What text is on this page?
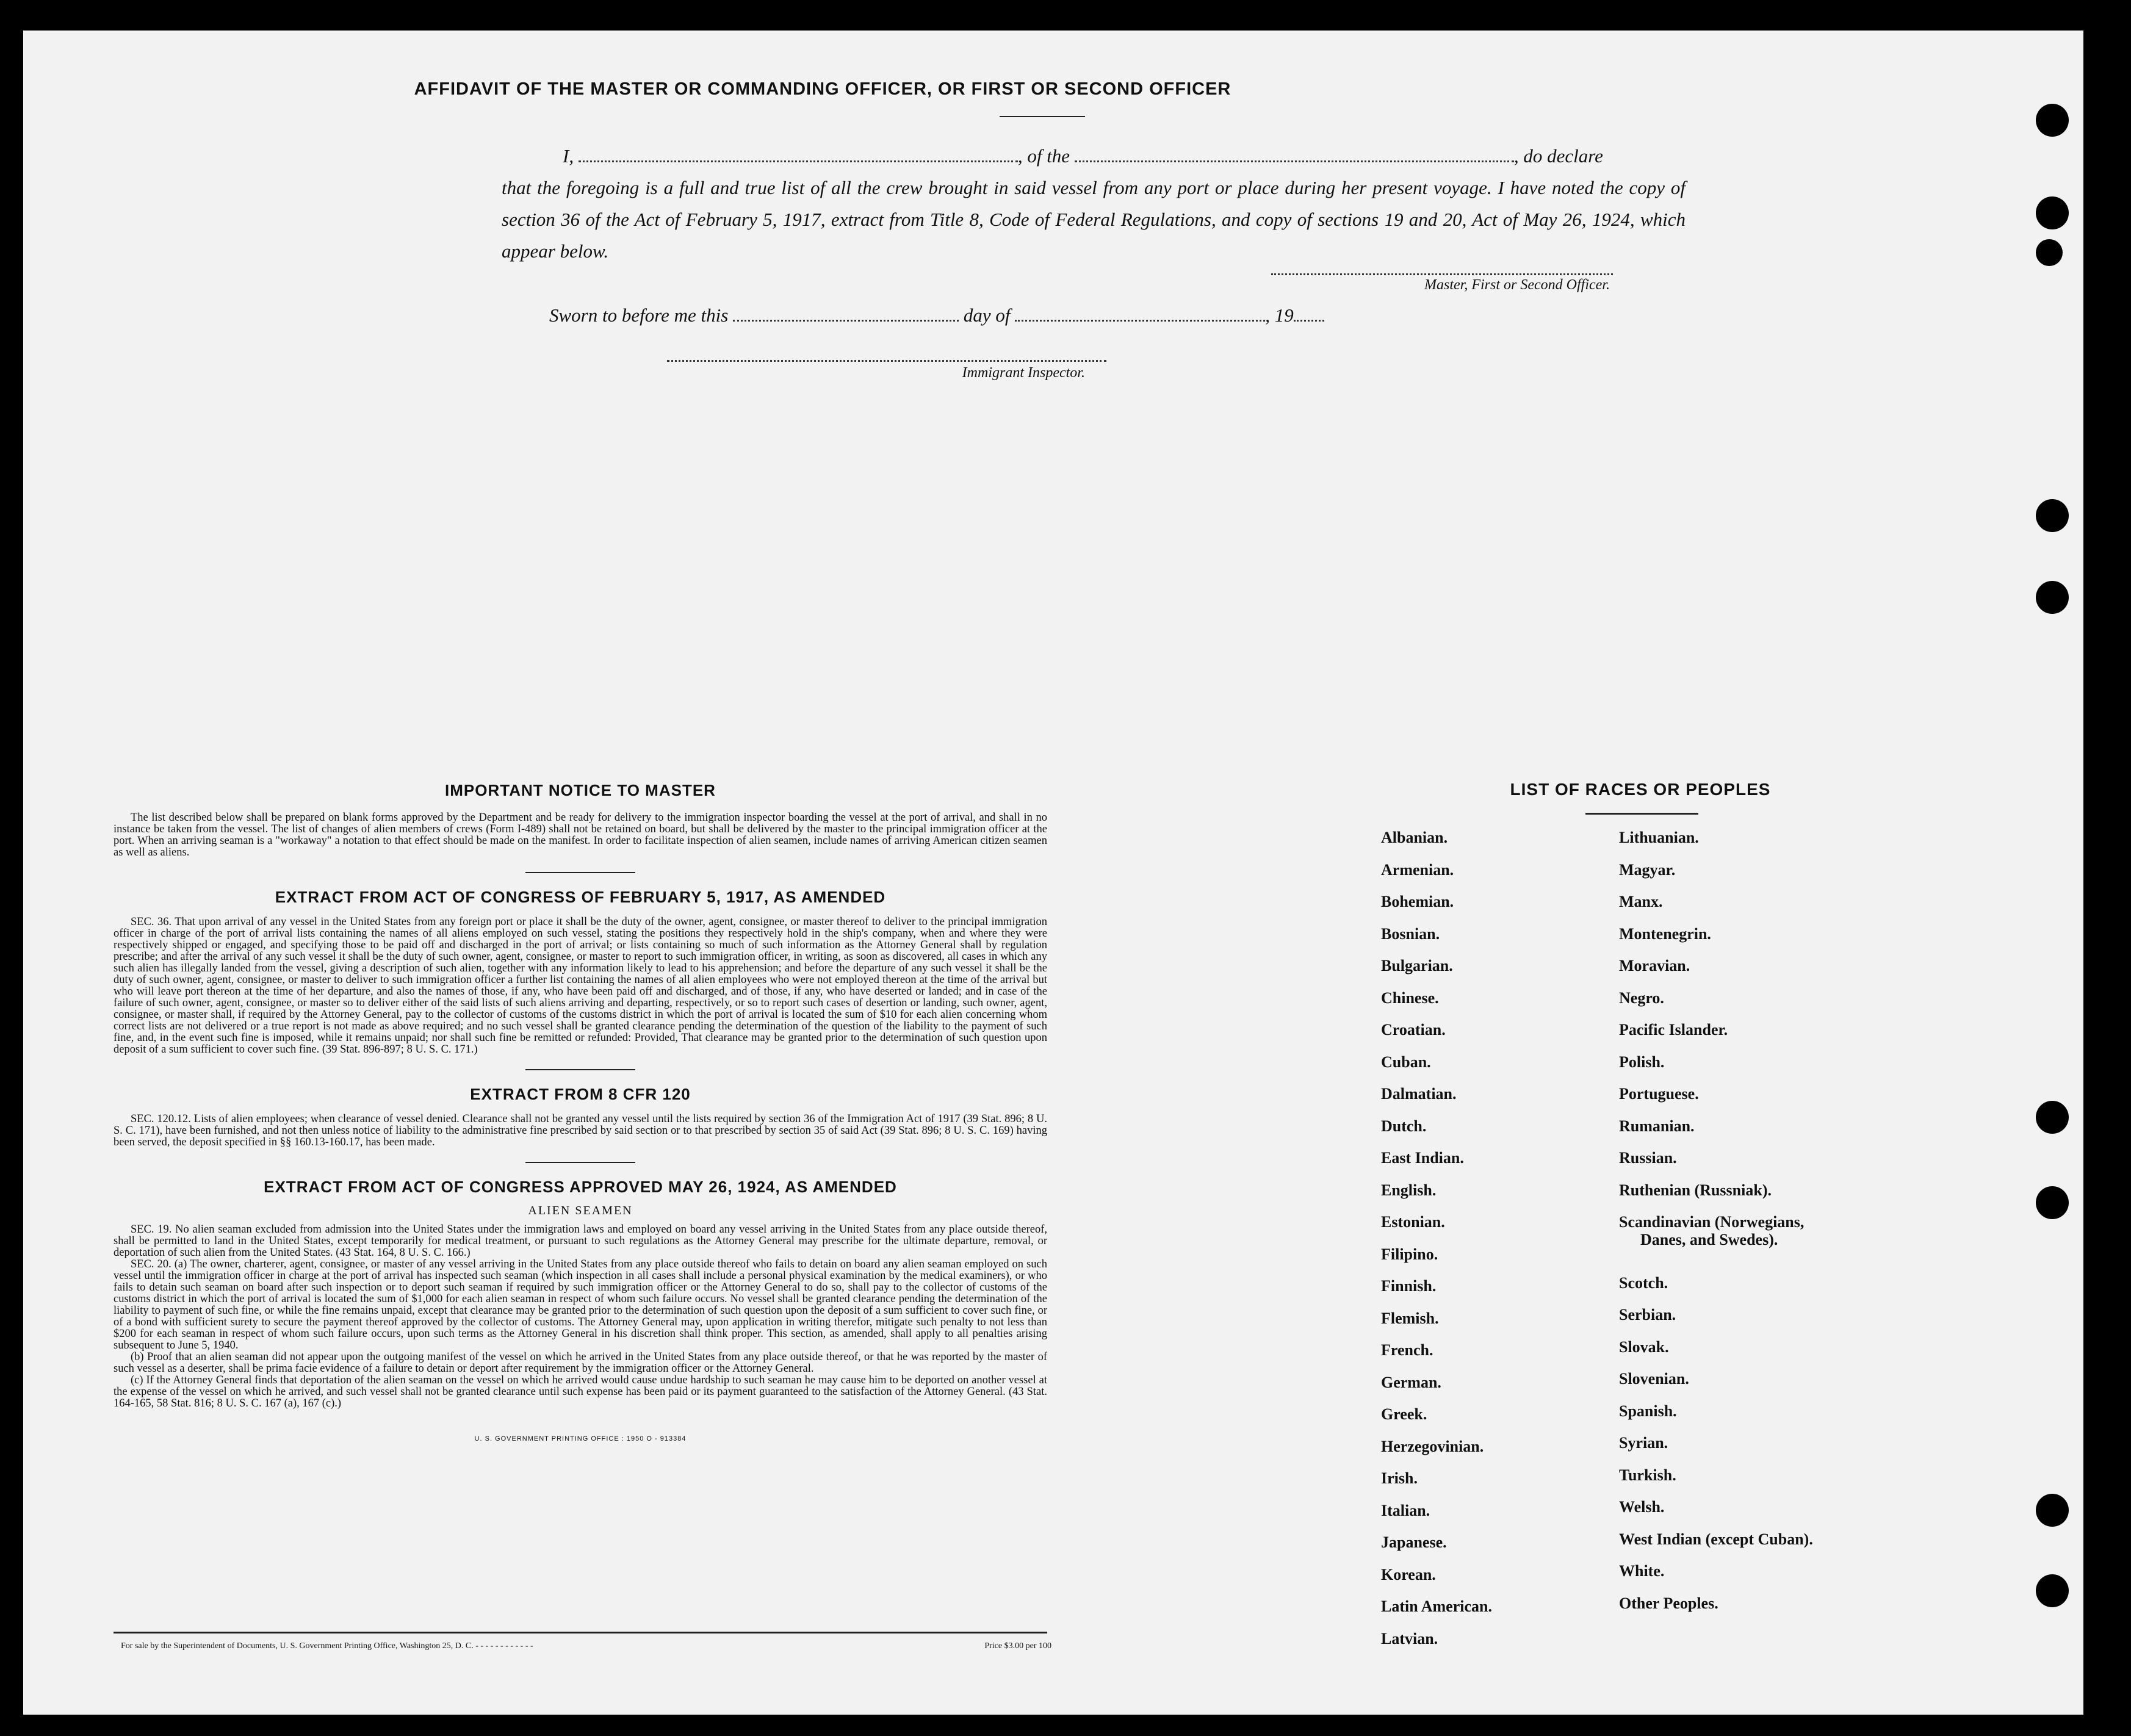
AFFIDAVIT OF THE MASTER OR COMMANDING OFFICER, OR FIRST OR SECOND OFFICER
I,	, of the	, do declare
that the foregoing is a full and true list of all the crew brought in said vessel from any port or place during her present voyage. I have noted the copy of section 36 of the Act of February 5, 1917, extract from Title 8, Code of Federal Regulations, and copy of sections 19 and 20, Act of May 26, 1924, which appear below.
Master, First or Second Officer.
Sworn to before me this	day of	, 19
Immigrant Inspector.
IMPORTANT NOTICE TO MASTER

The list described below shall be prepared on blank forms approved by the Department and be ready for delivery to the immigration inspector boarding the vessel at the port of arrival, and shall in no instance be taken from the vessel. The list of changes of alien members of crews (Form I-489) shall not be retained on board, but shall be delivered by the master to the principal immigration officer at the port. When an arriving seaman is a "workaway" a notation to that effect should be made on the manifest. In order to facilitate inspection of alien seamen, include names of arriving American citizen seamen as well as aliens.

EXTRACT FROM ACT OF CONGRESS OF FEBRUARY 5, 1917, AS AMENDED

SEC. 36. That upon arrival of any vessel in the United States from any foreign port or place it shall be the duty of the owner, agent, consignee, or master thereof to deliver to the principal immigration officer in charge of the port of arrival lists containing the names of all aliens employed on such vessel, stating the positions they respectively hold in the ship's company, when and where they were respectively shipped or engaged, and specifying those to be paid off and discharged in the port of arrival; or lists containing so much of such information as the Attorney General shall by regulation prescribe; and after the arrival of any such vessel it shall be the duty of such owner, agent, consignee, or master to report to such immigration officer, in writing, as soon as discovered, all cases in which any such alien has illegally landed from the vessel, giving a description of such alien, together with any information likely to lead to his apprehension; and before the departure of any such vessel it shall be the duty of such owner, agent, consignee, or master to deliver to such immigration officer a further list containing the names of all alien employees who were not employed thereon at the time of the arrival but who will leave port thereon at the time of her departure, and also the names of those, if any, who have been paid off and discharged, and of those, if any, who have deserted or landed; and in case of the failure of such owner, agent, consignee, or master so to deliver either of the said lists of such aliens arriving and departing, respectively, or so to report such cases of desertion or landing, such owner, agent, consignee, or master shall, if required by the Attorney General, pay to the collector of customs of the customs district in which the port of arrival is located the sum of $10 for each alien concerning whom correct lists are not delivered or a true report is not made as above required; and no such vessel shall be granted clearance pending the determination of the question of the liability to the payment of such fine, and, in the event such fine is imposed, while it remains unpaid; nor shall such fine be remitted or refunded: Provided, That clearance may be granted prior to the determination of such question upon deposit of a sum sufficient to cover such fine. (39 Stat. 896-897; 8 U. S. C. 171.)

EXTRACT FROM 8 CFR 120

SEC. 120.12. Lists of alien employees; when clearance of vessel denied. Clearance shall not be granted any vessel until the lists required by section 36 of the Immigration Act of 1917 (39 Stat. 896; 8 U. S. C. 171), have been furnished, and not then unless notice of liability to the administrative fine prescribed by said section or to that prescribed by section 35 of said Act (39 Stat. 896; 8 U. S. C. 169) having been served, the deposit specified in §§ 160.13-160.17, has been made.

EXTRACT FROM ACT OF CONGRESS APPROVED MAY 26, 1924, AS AMENDED
ALIEN SEAMEN

SEC. 19. No alien seaman excluded from admission into the United States under the immigration laws and employed on board any vessel arriving in the United States from any place outside thereof, shall be permitted to land in the United States, except temporarily for medical treatment, or pursuant to such regulations as the Attorney General may prescribe for the ultimate departure, removal, or deportation of such alien from the United States. (43 Stat. 164, 8 U. S. C. 166.)

SEC. 20. (a) The owner, charterer, agent, consignee, or master of any vessel arriving in the United States from any place outside thereof who fails to detain on board any alien seaman employed on such vessel until the immigration officer in charge at the port of arrival has inspected such seaman (which inspection in all cases shall include a personal physical examination by the medical examiners), or who fails to detain such seaman on board after such inspection or to deport such seaman if required by such immigration officer or the Attorney General to do so, shall pay to the collector of customs of the customs district in which the port of arrival is located the sum of $1,000 for each alien seaman in respect of whom such failure occurs. No vessel shall be granted clearance pending the determination of the liability to payment of such fine, or while the fine remains unpaid, except that clearance may be granted prior to the determination of such question upon the deposit of a sum sufficient to cover such fine, or of a bond with sufficient surety to secure the payment thereof approved by the collector of customs. The Attorney General may, upon application in writing therefor, mitigate such penalty to not less than $200 for each seaman in respect of whom such failure occurs, upon such terms as the Attorney General in his discretion shall think proper. This section, as amended, shall apply to all penalties arising subsequent to June 5, 1940.

(b) Proof that an alien seaman did not appear upon the outgoing manifest of the vessel on which he arrived in the United States from any place outside thereof, or that he was reported by the master of such vessel as a deserter, shall be prima facie evidence of a failure to detain or deport after requirement by the immigration officer or the Attorney General.

(c) If the Attorney General finds that deportation of the alien seaman on the vessel on which he arrived would cause undue hardship to such seaman he may cause him to be deported on another vessel at the expense of the vessel on which he arrived, and such vessel shall not be granted clearance until such expense has been paid or its payment guaranteed to the satisfaction of the Attorney General. (43 Stat. 164-165, 58 Stat. 816; 8 U. S. C. 167 (a), 167 (c).)

U. S. GOVERNMENT PRINTING OFFICE : 1950 O - 913384
For sale by the Superintendent of Documents, U. S. Government Printing Office, Washington 25, D. C. - - - - - - - - - - - -	Price $3.00 per 100
LIST OF RACES OR PEOPLES
Albanian.
Armenian.
Bohemian.
Bosnian.
Bulgarian.
Chinese.
Croatian.
Cuban.
Dalmatian.
Dutch.
East Indian.
English.
Estonian.
Filipino.
Finnish.
Flemish.
French.
German.
Greek.
Herzegovinian.
Irish.
Italian.
Japanese.
Korean.
Latin American.
Latvian.
Lithuanian.
Magyar.
Manx.
Montenegrin.
Moravian.
Negro.
Pacific Islander.
Polish.
Portuguese.
Rumanian.
Russian.
Ruthenian (Russniak).
Scandinavian (Norwegians,
Danes, and Swedes).
Scotch.
Serbian.
Slovak.
Slovenian.
Spanish.
Syrian.
Turkish.
Welsh.
West Indian (except Cuban).
White.
Other Peoples.
